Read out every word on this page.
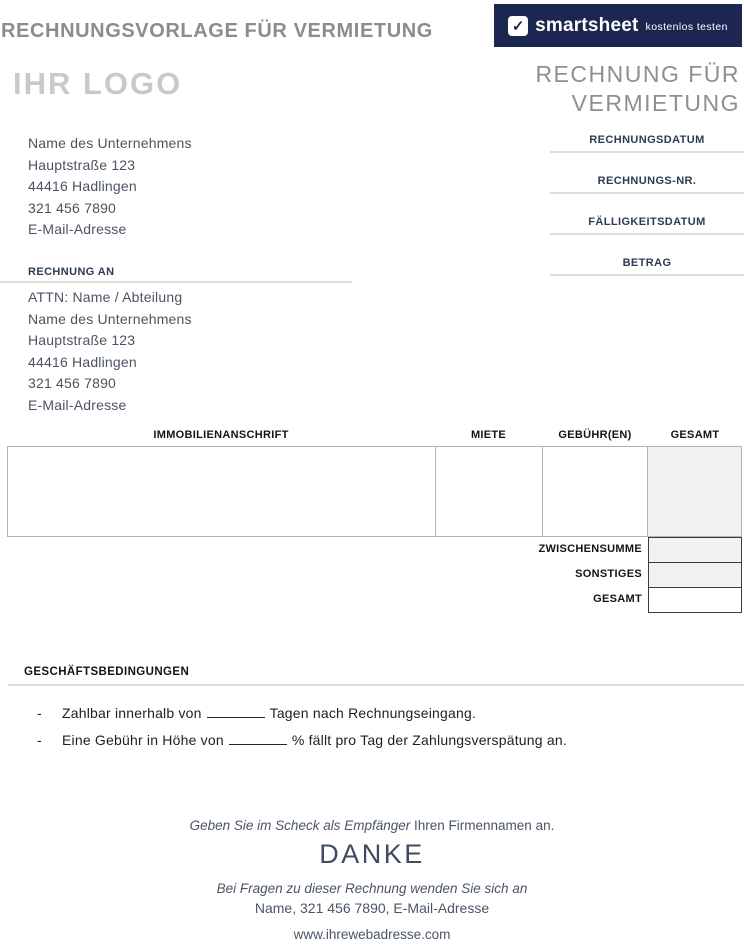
RECHNUNGSVORLAGE FÜR VERMIETUNG	✓ smartsheet kostenlos testen
IHR LOGO	RECHNUNG FÜR
VERMIETUNG
Name des Unternehmens
Hauptstraße 123
44416 Hadlingen
321 456 7890
E-Mail-Adresse
RECHNUNGSDATUM
RECHNUNGS-NR.
FÄLLIGKEITSDATUM
BETRAG
RECHNUNG AN
ATTN: Name / Abteilung
Name des Unternehmens
Hauptstraße 123
44416 Hadlingen
321 456 7890
E-Mail-Adresse
IMMOBILIENANSCHRIFT	MIETE	GEBÜHR(EN)	GESAMT
ZWISCHENSUMME
SONSTIGES
GESAMT
GESCHÄFTSBEDINGUNGEN
- Zahlbar innerhalb von	Tagen nach Rechnungseingang.
- Eine Gebühr in Höhe von	% fällt pro Tag der Zahlungsverspätung an.
Geben Sie im Scheck als Empfänger Ihren Firmennamen an.
DANKE
Bei Fragen zu dieser Rechnung wenden Sie sich an
Name, 321 456 7890, E-Mail-Adresse
www.ihrewebadresse.com
